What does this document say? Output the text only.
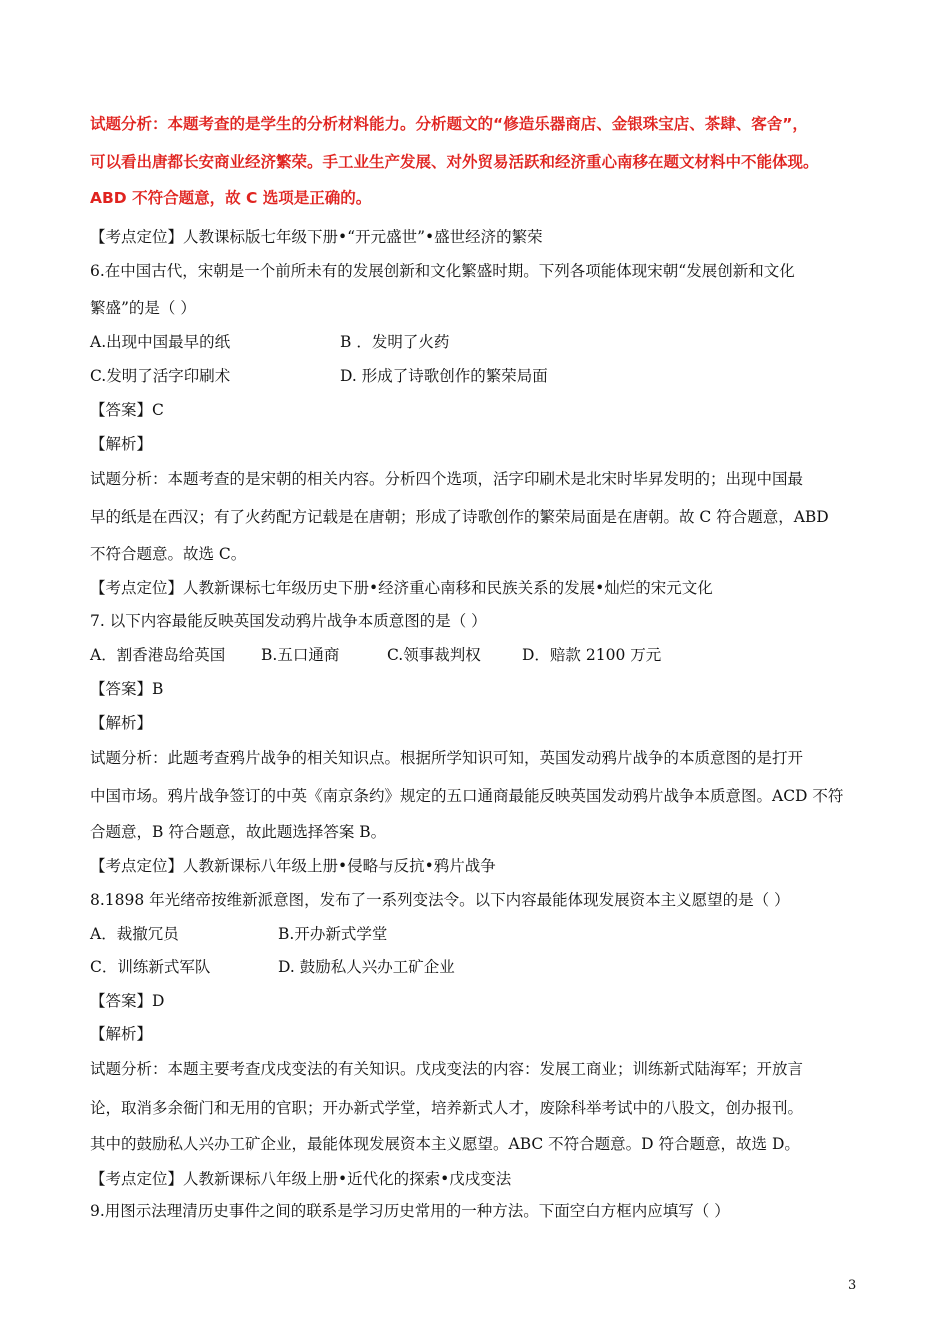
试题分析：本题考查的是学生的分析材料能力。分析题文的“修造乐器商店、金银珠宝店、茶肆、客舍”，
可以看出唐都长安商业经济繁荣。手工业生产发展、对外贸易活跃和经济重心南移在题文材料中不能体现。
ABD 不符合题意，故 C 选项是正确的。
【考点定位】人教课标版七年级下册•“开元盛世”•盛世经济的繁荣
6.在中国古代，宋朝是一个前所未有的发展创新和文化繁盛时期。下列各项能体现宋朝“发展创新和文化
繁盛”的是（ ）
A.出现中国最早的纸	B ．发明了火药
C.发明了活字印刷术	D. 形成了诗歌创作的繁荣局面
【答案】C
【解析】
试题分析：本题考查的是宋朝的相关内容。分析四个选项，活字印刷术是北宋时毕昇发明的；出现中国最
早的纸是在西汉；有了火药配方记载是在唐朝；形成了诗歌创作的繁荣局面是在唐朝。故 C 符合题意，ABD
不符合题意。故选 C。
【考点定位】人教新课标七年级历史下册•经济重心南移和民族关系的发展•灿烂的宋元文化
7. 以下内容最能反映英国发动鸦片战争本质意图的是（ ）
A．割香港岛给英国 B.五口通商	C.领事裁判权	D．赔款 2100 万元
【答案】B
【解析】
试题分析：此题考查鸦片战争的相关知识点。根据所学知识可知，英国发动鸦片战争的本质意图的是打开
中国市场。鸦片战争签订的中英《南京条约》规定的五口通商最能反映英国发动鸦片战争本质意图。ACD 不符
合题意，B 符合题意，故此题选择答案 B。
【考点定位】人教新课标八年级上册•侵略与反抗•鸦片战争
8.1898 年光绪帝按维新派意图，发布了一系列变法令。以下内容最能体现发展资本主义愿望的是（ ）
A．裁撤冗员	B.开办新式学堂
C．训练新式军队	D. 鼓励私人兴办工矿企业
【答案】D
【解析】
试题分析：本题主要考查戊戌变法的有关知识。戊戌变法的内容：发展工商业；训练新式陆海军；开放言
论，取消多余衙门和无用的官职；开办新式学堂，培养新式人才，废除科举考试中的八股文，创办报刊。
其中的鼓励私人兴办工矿企业，最能体现发展资本主义愿望。ABC 不符合题意。D 符合题意，故选 D。
【考点定位】人教新课标八年级上册•近代化的探索•戊戌变法
9.用图示法理清历史事件之间的联系是学习历史常用的一种方法。下面空白方框内应填写（ ）
3
